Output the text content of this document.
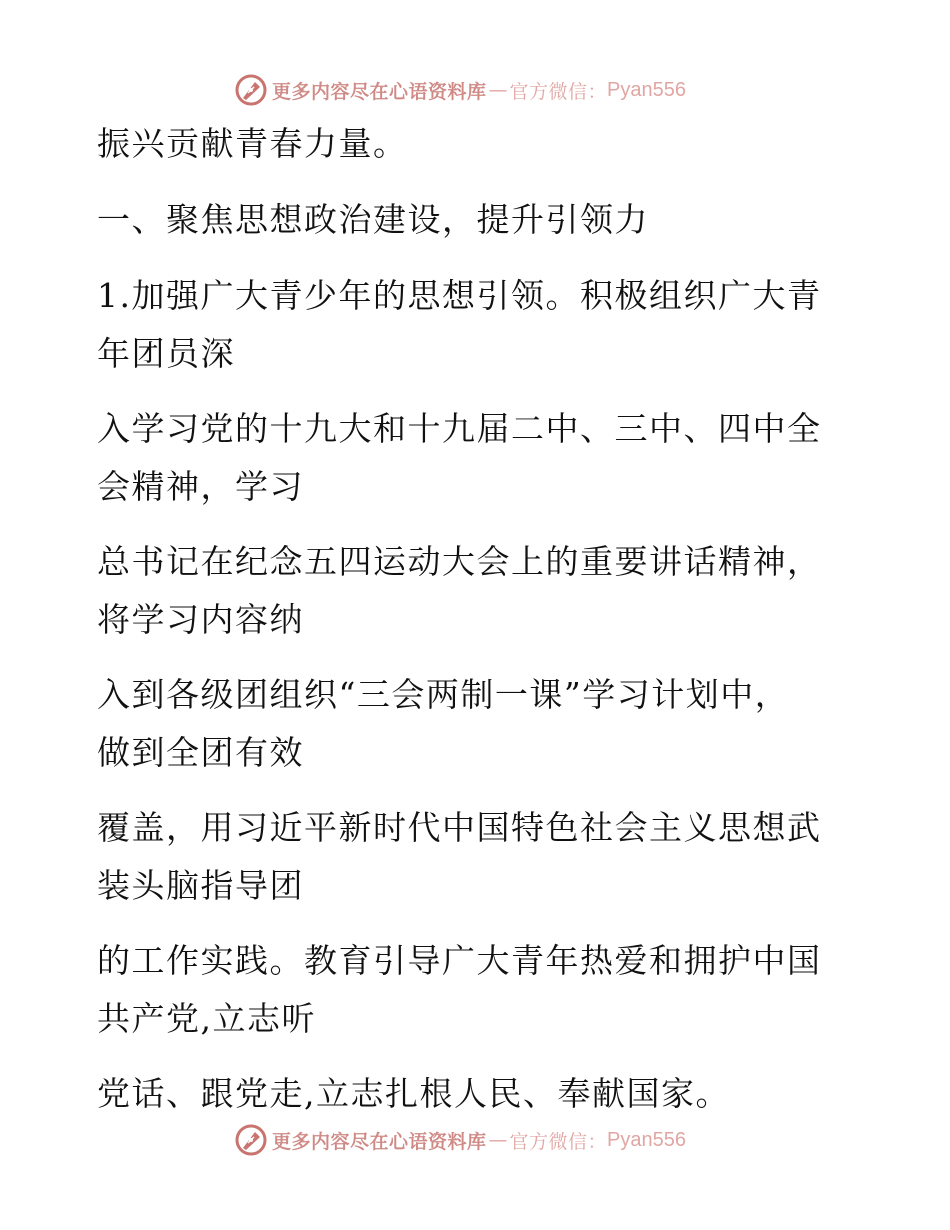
更多内容尽在心语资料库 — 官方微信： Pyan556
振兴贡献青春力量。
一、聚焦思想政治建设，提升引领力
1.加强广大青少年的思想引领。积极组织广大青
年团员深
入学习党的十九大和十九届二中、三中、四中全
会精神，学习
总书记在纪念五四运动大会上的重要讲话精神，
将学习内容纳
入到各级团组织“三会两制一课”学习计划中，
做到全团有效
覆盖，用习近平新时代中国特色社会主义思想武
装头脑指导团
的工作实践。教育引导广大青年热爱和拥护中国
共产党,立志听
党话、跟党走,立志扎根人民、奉献国家。
更多内容尽在心语资料库 — 官方微信： Pyan556
